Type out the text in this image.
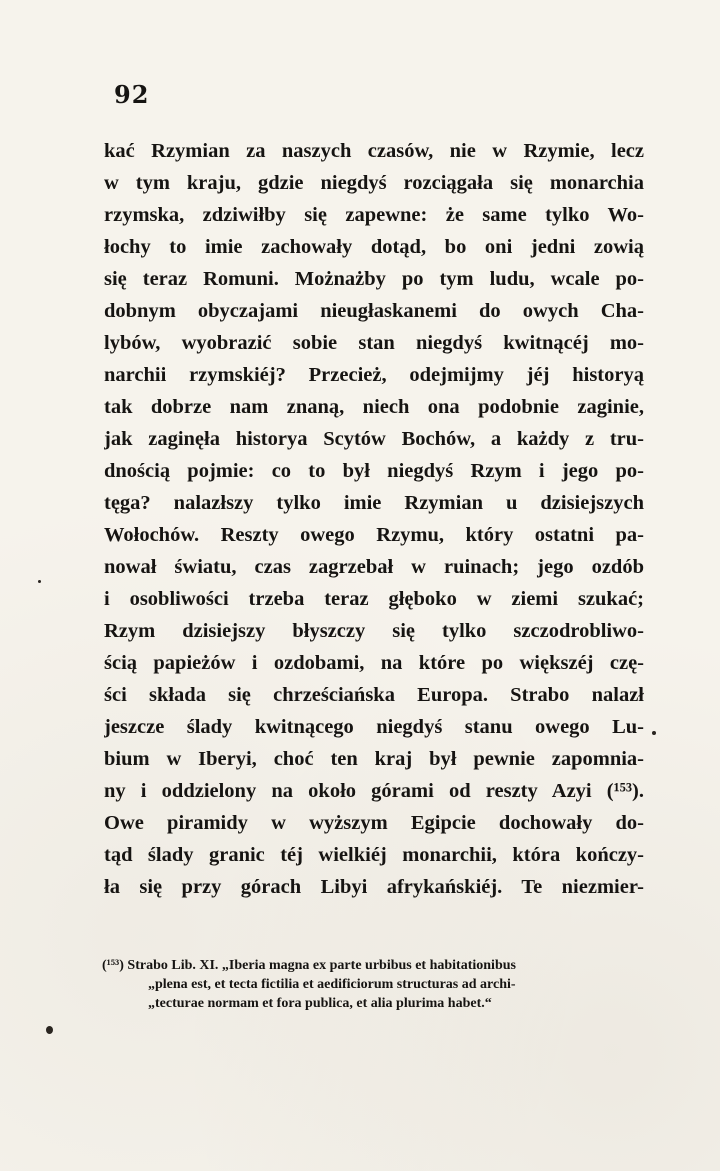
92
kać Rzymian za naszych czasów, nie w Rzymie, lecz
w tym kraju, gdzie niegdyś rozciągała się monarchia
rzymska, zdziwiłby się zapewne: że same tylko Wo-
łochy to imie zachowały dotąd, bo oni jedni zowią
się teraz Romuni. Możnażby po tym ludu, wcale po-
dobnym obyczajami nieugłaskanemi do owych Cha-
lybów, wyobrazić sobie stan niegdyś kwitnącéj mo-
narchii rzymskiéj? Przecież, odejmijmy jéj historyą
tak dobrze nam znaną, niech ona podobnie zaginie,
jak zaginęła historya Scytów Bochów, a każdy z tru-
dnością pojmie: co to był niegdyś Rzym i jego po-
tęga? nalazłszy tylko imie Rzymian u dzisiejszych
Wołochów. Reszty owego Rzymu, który ostatni pa-
nował światu, czas zagrzebał w ruinach; jego ozdób
i osobliwości trzeba teraz głęboko w ziemi szukać;
Rzym dzisiejszy błyszczy się tylko szczodrobliwo-
ścią papieżów i ozdobami, na które po większéj czę-
ści składa się chrześciańska Europa. Strabo nalazł
jeszcze ślady kwitnącego niegdyś stanu owego Lu-
bium w Iberyi, choć ten kraj był pewnie zapomnia-
ny i oddzielony na około górami od reszty Azyi (¹⁵³).
Owe piramidy w wyższym Egipcie dochowały do-
tąd ślady granic téj wielkiéj monarchii, która kończy-
ła się przy górach Libyi afrykańskiéj. Te niezmier-
(¹⁵³) Strabo Lib. XI. „Iberia magna ex parte urbibus et habitationibus
„plena est, et tecta fictilia et aedificiorum structuras ad archi-
„tecturae normam et fora publica, et alia plurima habet.“
